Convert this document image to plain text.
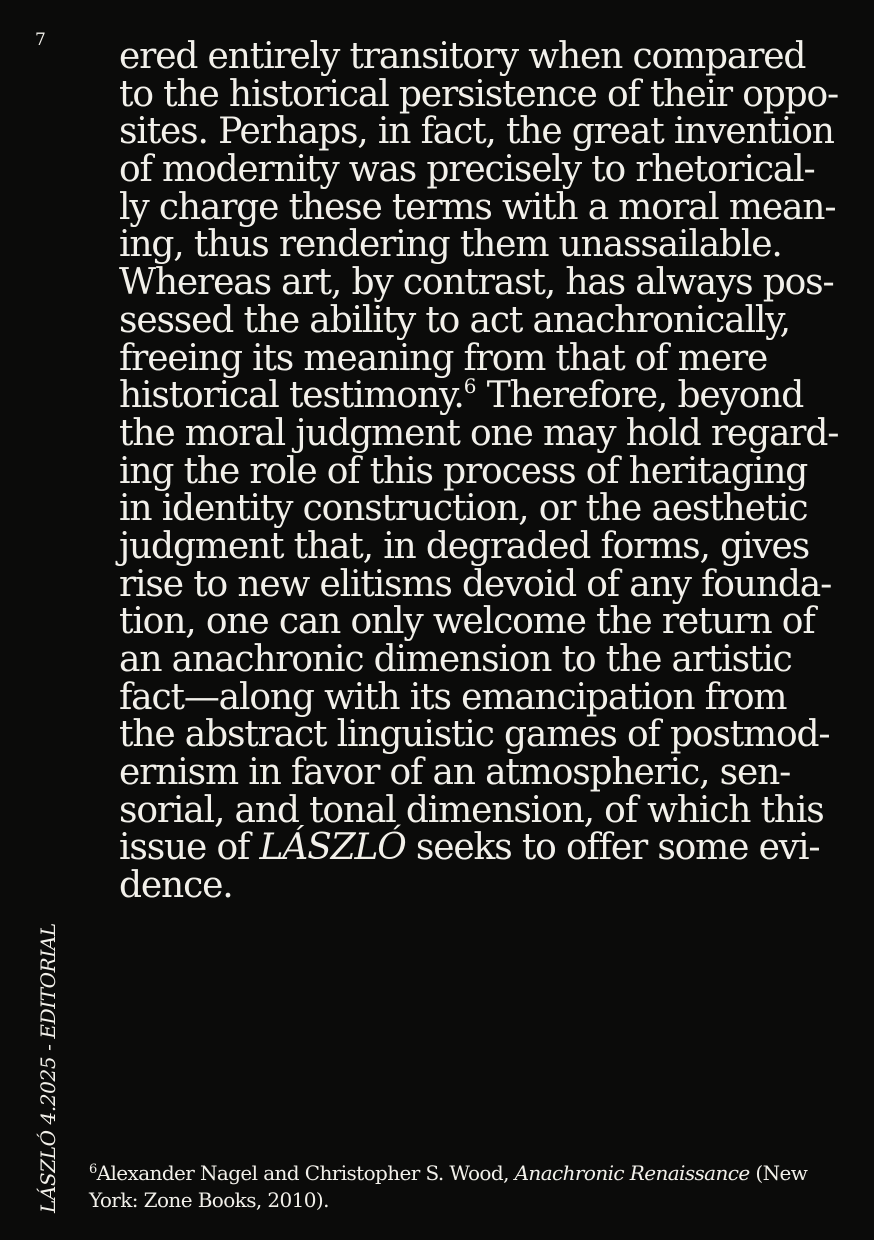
7 ered entirely transitory when compared
to the historical persistence of their oppo-
sites. Perhaps, in fact, the great invention
of modernity was precisely to rhetorical-
ly charge these terms with a moral mean-
ing, thus rendering them unassailable.
Whereas art, by contrast, has always pos-
sessed the ability to act anachronically,
freeing its meaning from that of mere
historical testimony.$^6$ Therefore, beyond
the moral judgment one may hold regard-
ing the role of this process of heritaging
in identity construction, or the aesthetic
judgment that, in degraded forms, gives
rise to new elitisms devoid of any founda-
tion, one can only welcome the return of
an anachronic dimension to the artistic
fact—along with its emancipation from
the abstract linguistic games of postmod-
ernism in favor of an atmospheric, sen-
sorial, and tonal dimension, of which this
issue of LÁSZLÓ seeks to offer some evi-
dence.
LÁSZLÓ 4.2025 - EDITORIAL $^6$Alexander Nagel and Christopher S. Wood, Anachronic Renaissance (New
York: Zone Books, 2010).
